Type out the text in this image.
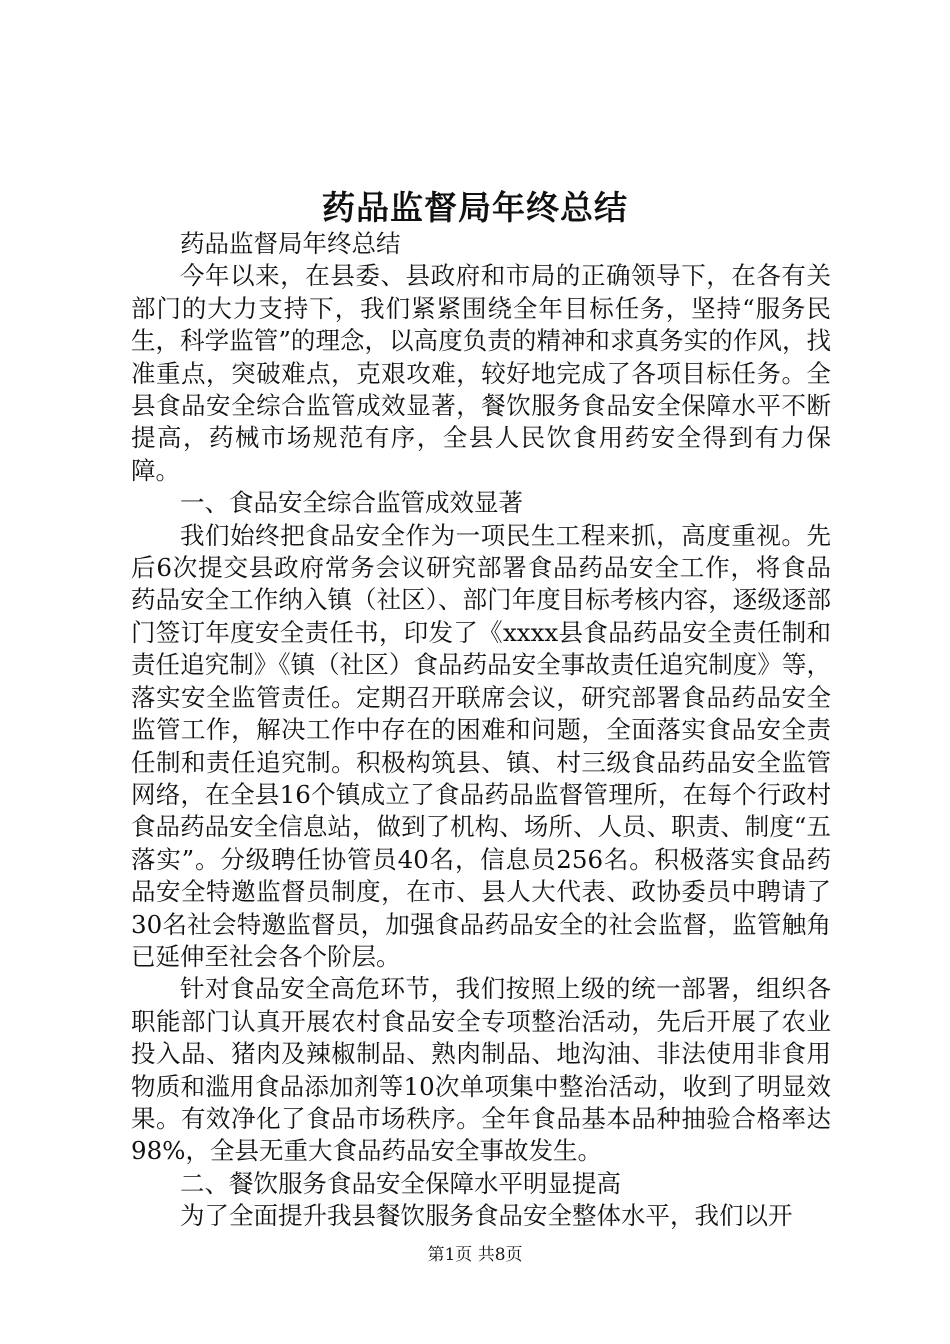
药品监督局年终总结

药品监督局年终总结

今年以来，在县委、县政府和市局的正确领导下，在各有关部门的大力支持下，我们紧紧围绕全年目标任务，坚持“服务民生，科学监管”的理念，以高度负责的精神和求真务实的作风，找准重点，突破难点，克艰攻难，较好地完成了各项目标任务。全县食品安全综合监管成效显著，餐饮服务食品安全保障水平不断提高，药械市场规范有序，全县人民饮食用药安全得到有力保障。

一、食品安全综合监管成效显著

我们始终把食品安全作为一项民生工程来抓，高度重视。先后6次提交县政府常务会议研究部署食品药品安全工作，将食品药品安全工作纳入镇（社区）、部门年度目标考核内容，逐级逐部门签订年度安全责任书，印发了《xxxx县食品药品安全责任制和责任追究制》《镇（社区）食品药品安全事故责任追究制度》等，落实安全监管责任。定期召开联席会议，研究部署食品药品安全监管工作，解决工作中存在的困难和问题，全面落实食品安全责任制和责任追究制。积极构筑县、镇、村三级食品药品安全监管网络，在全县16个镇成立了食品药品监督管理所，在每个行政村食品药品安全信息站，做到了机构、场所、人员、职责、制度“五落实”。分级聘任协管员40名，信息员256名。积极落实食品药品安全特邀监督员制度，在市、县人大代表、政协委员中聘请了30名社会特邀监督员，加强食品药品安全的社会监督，监管触角已延伸至社会各个阶层。

针对食品安全高危环节，我们按照上级的统一部署，组织各职能部门认真开展农村食品安全专项整治活动，先后开展了农业投入品、猪肉及辣椒制品、熟肉制品、地沟油、非法使用非食用物质和滥用食品添加剂等10次单项集中整治活动，收到了明显效果。有效净化了食品市场秩序。全年食品基本品种抽验合格率达98%，全县无重大食品药品安全事故发生。

二、餐饮服务食品安全保障水平明显提高

为了全面提升我县餐饮服务食品安全整体水平，我们以开

第1页 共8页
